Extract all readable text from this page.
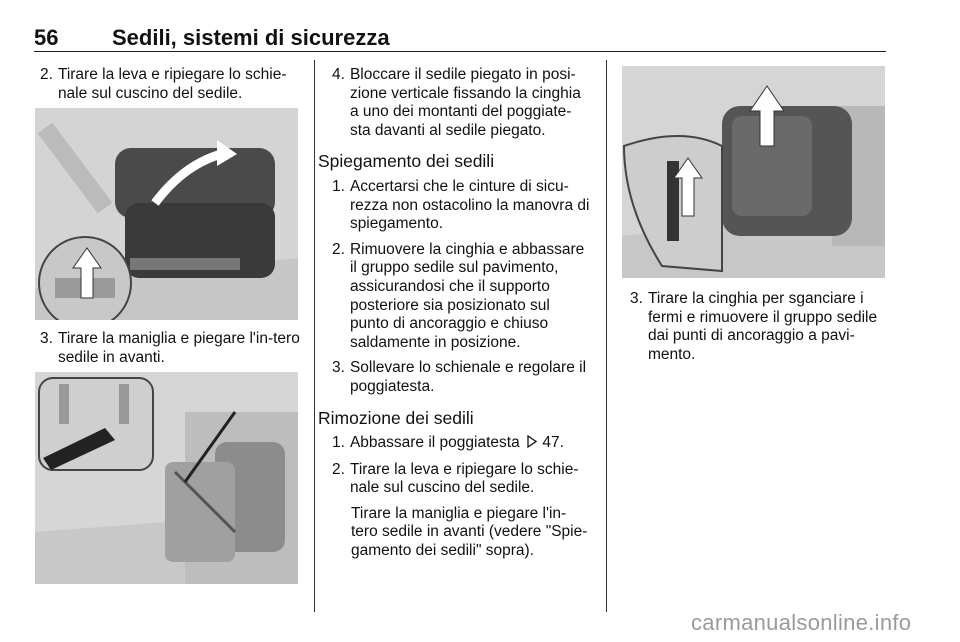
56 Sedili, sistemi di sicurezza
2. Tirare la leva e ripiegare lo schie-nale sul cuscino del sedile.
3. Tirare la maniglia e piegare l'in-tero sedile in avanti.
4. Bloccare il sedile piegato in posi-zione verticale fissando la cinghia a uno dei montanti del poggiate-sta davanti al sedile piegato.
Spiegamento dei sedili
1. Accertarsi che le cinture di sicu-rezza non ostacolino la manovra di spiegamento.
2. Rimuovere la cinghia e abbassare il gruppo sedile sul pavimento, assicurandosi che il supporto posteriore sia posizionato sul punto di ancoraggio e chiuso saldamente in posizione.
3. Sollevare lo schienale e regolare il poggiatesta.
Rimozione dei sedili
1. Abbassare il poggiatesta 47.
2. Tirare la leva e ripiegare lo schie-nale sul cuscino del sedile.
Tirare la maniglia e piegare l'in-tero sedile in avanti (vedere "Spie-gamento dei sedili" sopra).
3. Tirare la cinghia per sganciare i fermi e rimuovere il gruppo sedile dai punti di ancoraggio a pavi-mento.
carmanualsonline.info
